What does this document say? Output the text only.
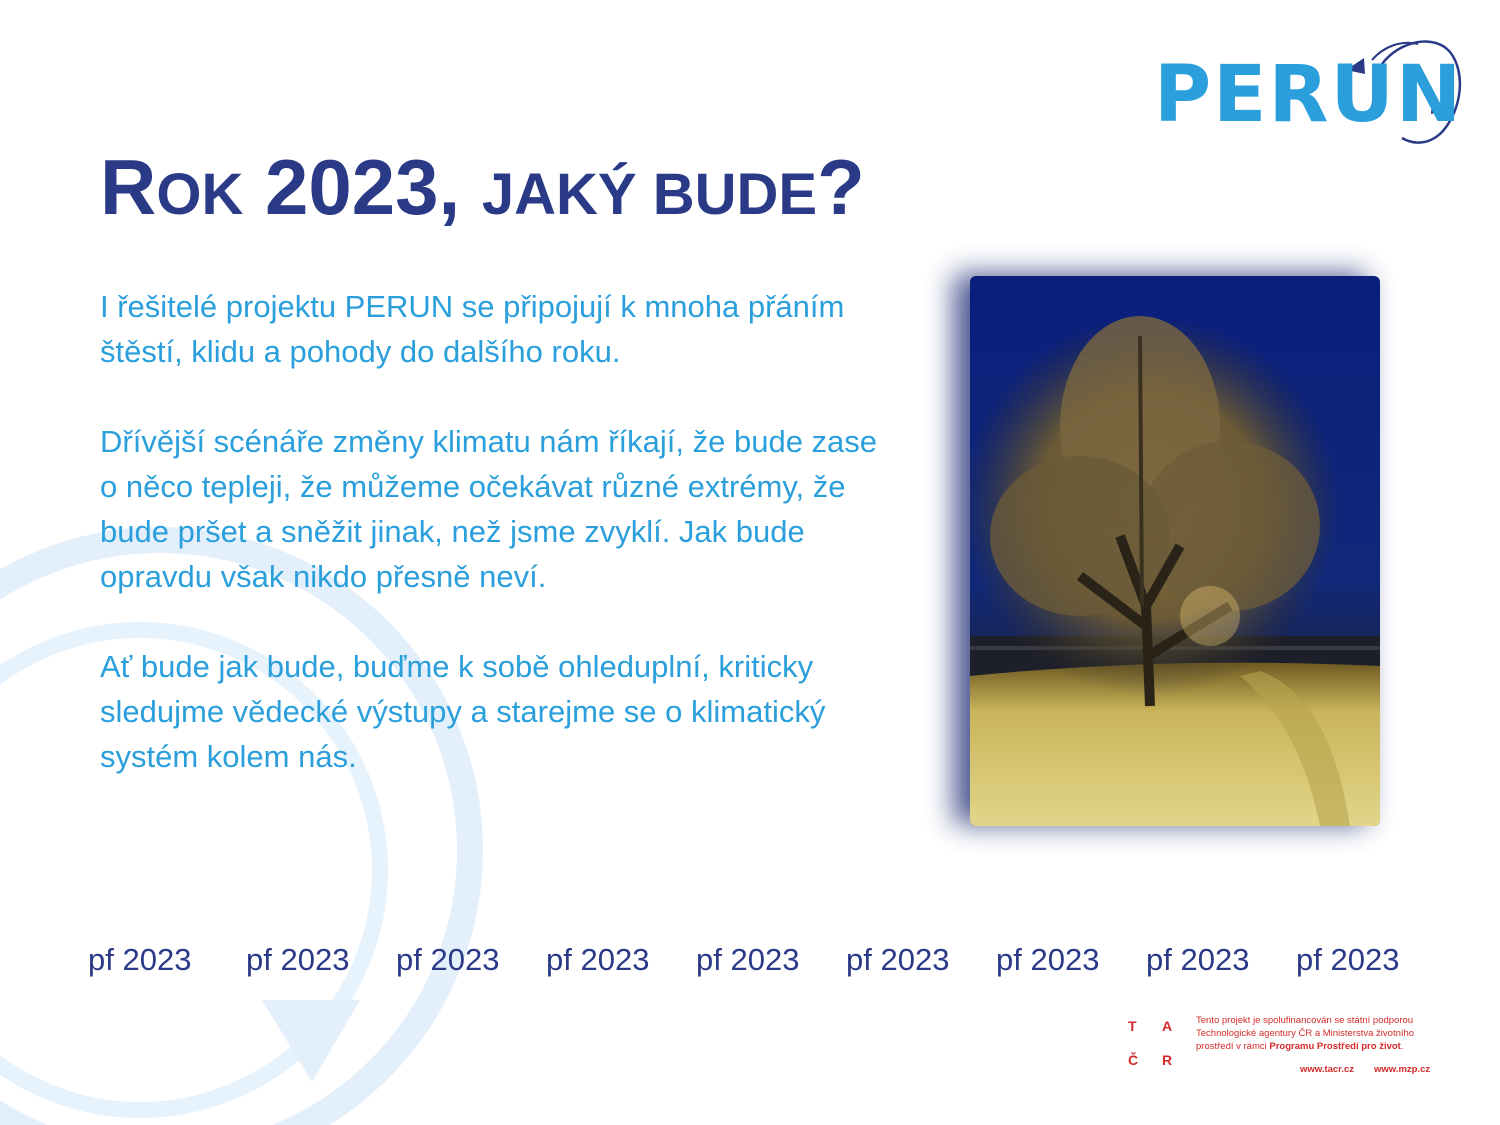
PERUN
ROK 2023, JAKÝ BUDE?

I řešitelé projektu PERUN se připojují k mnoha přáním štěstí, klidu a pohody do dalšího roku.

Dřívější scénáře změny klimatu nám říkají, že bude zase o něco tepleji, že můžeme očekávat různé extrémy, že bude pršet a sněžit jinak, než jsme zvyklí. Jak bude opravdu však nikdo přesně neví.

Ať bude jak bude, buďme k sobě ohleduplní, kriticky sledujme vědecké výstupy a starejme se o klimatický systém kolem nás.

pf 2023 pf 2023 pf 2023 pf 2023 pf 2023 pf 2023 pf 2023 pf 2023 pf 2023
T A
Č R

Tento projekt je spolufinancován se státní podporou Technologické agentury ČR a Ministerstva životního prostředí v rámci Programu Prostředí pro život.

www.tacr.cz www.mzp.cz
